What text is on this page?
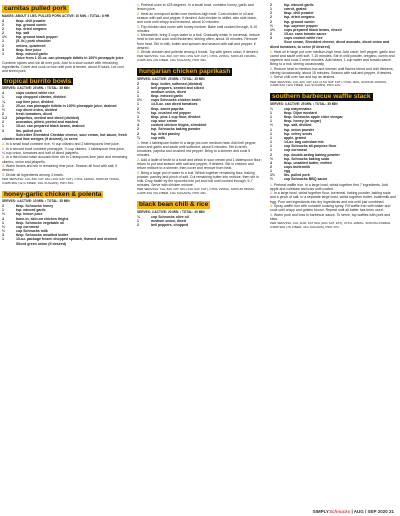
carnitas pulled pork
MAKES: ABOUT 3 LBS. PULLED PORK ACTIVE: 10 MIN. • TOTAL: 8 HR
3	tbsp. chili powder
2	tsp. ground cumin
2	tsp. dried oregano
2	tsp. salt
1½	tsp. ground black pepper
1	(5- lb.) pork shoulder
2	onions, quartered
3	tbsp. lime juice
1	tbsp. minced garlic
Juice from 1 20-oz. can pineapple tidbits in 100% pineapple juice

Combine spices and rub all over pork. Add to a slow cooker with remaining ingredients. Cover and cook on low until pork is tender, about 8 hours. Let cool and shred pork.

tropical burrito bowls
SERVES: 4 ACTIVE: 25 MIN. • TOTAL: 35 MIN
4	cups cooked white rice
1	cup chopped cilantro, divided
¼	cup lime juice, divided
1	20-oz. can pineapple tidbits in 100% pineapple juice, drained
½	cup diced onion, divided
2	fresh tomatoes, diced
1-2	jalapeños, seeded and diced (divided)
2	avocados, pitted, peeled and mashed
1	15-oz. can prepared black beans, drained
3	lbs. pulled pork
Schreiber Shredded Cheddar cheese, sour cream, hot sauce, fresh cilantro and lime wedges (if desired), to serve
1. In a small bowl combine rice, ½ cup cilantro and 2 tablespoons lime juice.
2. In a second bowl combine pineapple, ¼ cup cilantro, 1 tablespoon lime juice, ¼ cup onion, tomatoes and half of diced jalapeño.
3. In a third bowl mash avocado then stir in 2 teaspoons lime juice and remaining cilantro, onion and jalapeño.
4. Warm beans and stir in remaining lime juice. Season all food with salt, if desired.
5. Divide all ingredients among 4 bowls.
PER SERVING: CAL 830, FAT 23G (10G SAT. FAT), CHOL 196MG, SODIUM 710MG, CARB 98G (12 G FIBER, 19G SUGARS), PRO 56G
honey-garlic chicken & polenta
SERVES: 4 ACTIVE: 10 MIN. • TOTAL: 35 MIN
2	tbsp. Schnucks honey
1	tsp. minced garlic
⅓	tsp. lemon juice
4	bone-in, skin-on chicken thighs
1	tbsp. Schnucks vegetable oil
½	cup cornmeal
½	cup Schnucks milk
3	tbsp. Schnucks unsalted butter
1	10-oz. package frozen chopped spinach, thawed and drained
Sliced green onion (if desired)
1. Preheat oven to 425 degrees. In a small bowl, combine honey, garlic and lemon juice.
2. Heat an ovenproof skillet over medium-high heat. Coat chicken in oil and season with salt and pepper, if desired. Add chicken to skillet, skin side down, and cook until crispy and browned, about 10 minutes.
3. Flip chicken and cover with honey mixture. Bake until cooked through, 8-10 minutes.
4. Meanwhile, bring 3 cups water to a boil. Gradually whisk in cornmeal, reduce heat to low and cook until thickened, stirring often, about 15 minutes. Remove from heat. Stir in milk, butter and spinach and season with salt and pepper, if desired.
5. Divide chicken and polenta among 4 bowls. Top with green onion, if desired.
PER SERVING: CAL 690, FAT 45G (15G SAT. FAT), CHOL 215MG, SODIUM 1904MG, CARB 36G (2G FIBER, 19G SUGARS), PRO 39G
hungarian chicken paprikash
SERVES: 4 ACTIVE: 25 MIN. • TOTAL: 35 MIN
2	tbsp. butter, softened (divided)
2	bell peppers, seeded and sliced
1	medium onion, diced
1	tbsp. minced garlic
1½	cups Schnucks chicken broth
1	14.5-oz. can diced tomatoes
2	tbsp. sweet paprika
½	tsp. crushed red pepper
1	tbsp. plus 1 cup flour, divided
½	cup sour cream
4	cooked chicken thighs, shredded
2	tsp. Schnucks baking powder
2	tsp. dried parsley
¾	cup milk
1. Heat 1 tablespoon butter in a large pot over medium heat. Add bell pepper, onion and garlic and saute until softened, about 5 minutes. Stir in broth, tomatoes, paprika and crushed red pepper. Bring to a simmer and cook 5 minutes.
2. Add a ladle of broth to a bowl and whisk in sour cream and 1 tablespoon flour; return to pot and season with salt and pepper, if desired. Stir in chicken and return mixture to a simmer, then cover and remove from heat.
3. Bring a large pot of water to a boil. Whisk together remaining flour, baking powder, parsley and pinch of salt. Cut remaining butter into mixture, then stir in milk. Drop batter by the spoonful into pot and boil until cooked through, 5-7 minutes. Serve with chicken mixture.
PER SERVING: CAL 640, FAT 42G (14G SAT. FAT), CHOL 215MG, SODIUM 950MG, CARB 33G (5G FIBER, 10G SUGARS), PRO 40G
black bean chili & rice
SERVES: 4 ACTIVE: 20 MIN. • TOTAL: 40 MIN
¼	cup Schnucks olive oil
1	medium onion, diced
2	bell peppers, chopped
2	tsp. minced garlic
1	carrot, grated
2	tbsp. chili powder
2	tsp. dried oregano
2	tsp. ground cumin
½	tsp. cayenne pepper
1½	cups prepared black beans, rinsed
2	15-oz. cans tomato sauce
3	cups cooked white rice
Sour cream, Shredded cheese, diced avocado, diced onion and diced tomatoes, to serve (if desired)
1. Heat oil in large pot over medium-high heat. Add onion, bell pepper, garlic and carrot and sauté until soft, 7-10 minutes. Stir in chili powder, oregano, cumin and cayenne and cook 2 more minutes. Add beans, 1 cup water and tomato sauce. Bring to a boil, stirring occasionally.
2. Reduce heat to medium-low and simmer until flavors blend and chili thickens, stirring occasionally, about 15 minutes. Season with salt and pepper, if desired.
3. Serve chili over rice and top as desired.
PER SERVING: CAL 420, FAT 14G (2.5G SAT. FAT), CHOL 0MG, SODIUM 1010MG, CARB 63G (12G FIBER, 11G SUGARS), PRO 12G
southern barbecue waffle stack
SERVES: 4 ACTIVE: 25 MIN. • TOTAL: 35 MIN
⅓	cup mayonnaise
1	tbsp. Dijon mustard
1	tbsp. Schnucks apple cider vinegar
1	tbsp. honey (or sugar)
½	tsp. salt, divided
1	tsp. onion powder
1	tsp. celery seeds
1	apple, grated
1	14-oz. bag coleslaw mix
1	cup Schnucks all-purpose flour
1	cup cornmeal
2	tsp. double-acting baking powder
½	tsp. Schnucks baking soda
4	tbsp. unsalted butter, melted
2	cups buttermilk
1	egg
1½	lbs. pulled pork
½	cup Schnucks BBQ sauce
1. Preheat waffle iron. In a large bowl, whisk together first 7 ingredients. Add apple and coleslaw and toss until coated.
2. In a large bowl, whisk together flour, cornmeal, baking powder, baking soda and a pinch of salt. In a separate large bowl, whisk together butter, buttermilk and egg. Pour wet ingredients into dry ingredients and mix until just combined.
3. Spray waffle iron with nonstick cooking spray. Fill waffle iron with batter and cook until crispy and golden brown. Repeat until all batter has been used.
4. Warm pork and toss in barbecue sauce. To serve, top waffles with pork and slaw.
PER SERVING: CAL 1100, FAT 62G (20G SAT. FAT), CHOL 195MG, SODIUM 2330MG, CARB 98G (7G FIBER, 31G SUGARS), PRO 47G
SIMPLYSchnucks | AUG / SEP 2020 21
